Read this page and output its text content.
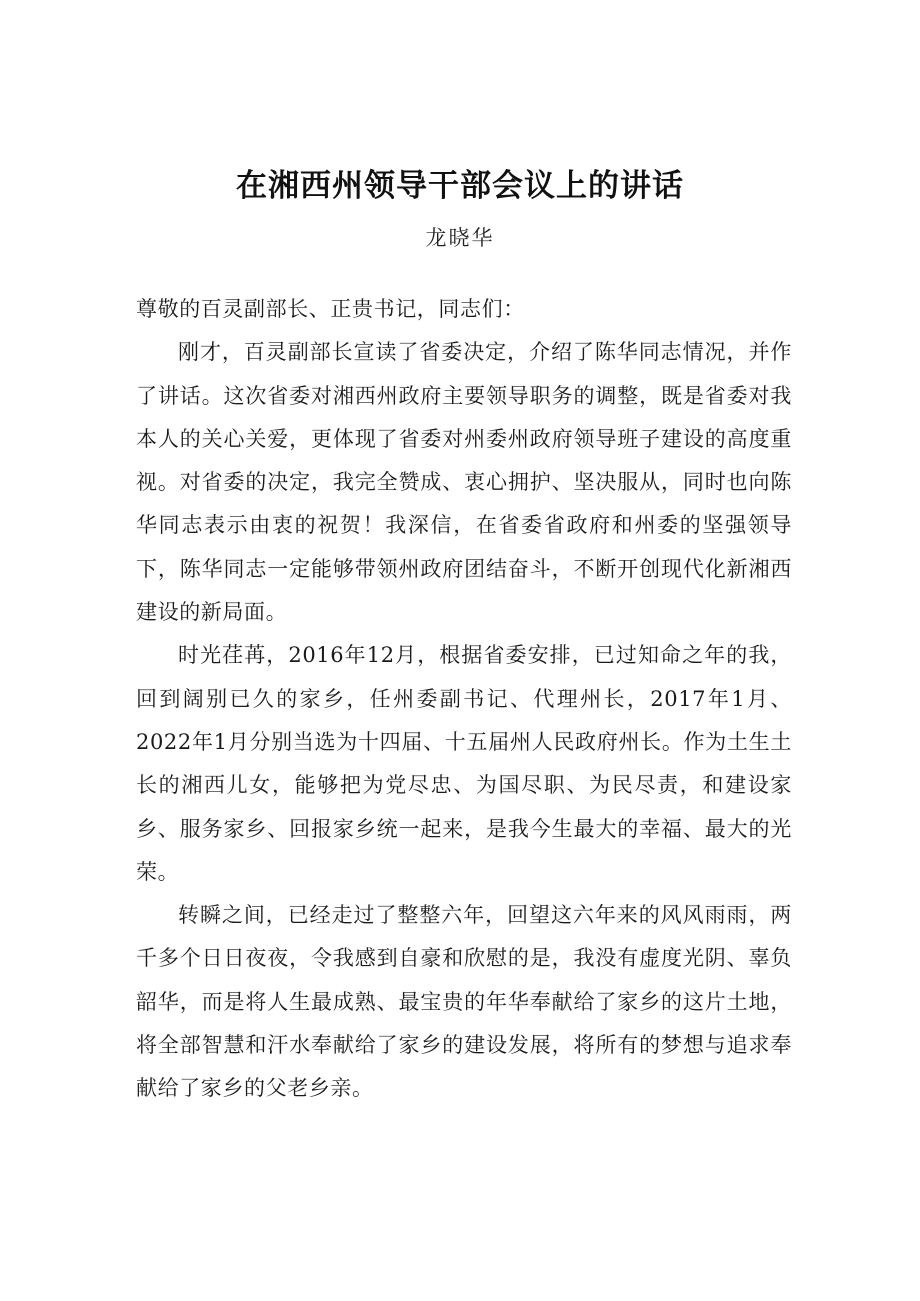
在湘西州领导干部会议上的讲话
龙晓华

尊敬的百灵副部长、正贵书记，同志们：

刚才，百灵副部长宣读了省委决定，介绍了陈华同志情况，并作了讲话。这次省委对湘西州政府主要领导职务的调整，既是省委对我本人的关心关爱，更体现了省委对州委州政府领导班子建设的高度重视。对省委的决定，我完全赞成、衷心拥护、坚决服从，同时也向陈华同志表示由衷的祝贺！我深信，在省委省政府和州委的坚强领导下，陈华同志一定能够带领州政府团结奋斗，不断开创现代化新湘西建设的新局面。

时光荏苒，2016年12月，根据省委安排，已过知命之年的我，回到阔别已久的家乡，任州委副书记、代理州长，2017年1月、2022年1月分别当选为十四届、十五届州人民政府州长。作为土生土长的湘西儿女，能够把为党尽忠、为国尽职、为民尽责，和建设家乡、服务家乡、回报家乡统一起来，是我今生最大的幸福、最大的光荣。

转瞬之间，已经走过了整整六年，回望这六年来的风风雨雨，两千多个日日夜夜，令我感到自豪和欣慰的是，我没有虚度光阴、辜负韶华，而是将人生最成熟、最宝贵的年华奉献给了家乡的这片土地，将全部智慧和汗水奉献给了家乡的建设发展，将所有的梦想与追求奉献给了家乡的父老乡亲。
